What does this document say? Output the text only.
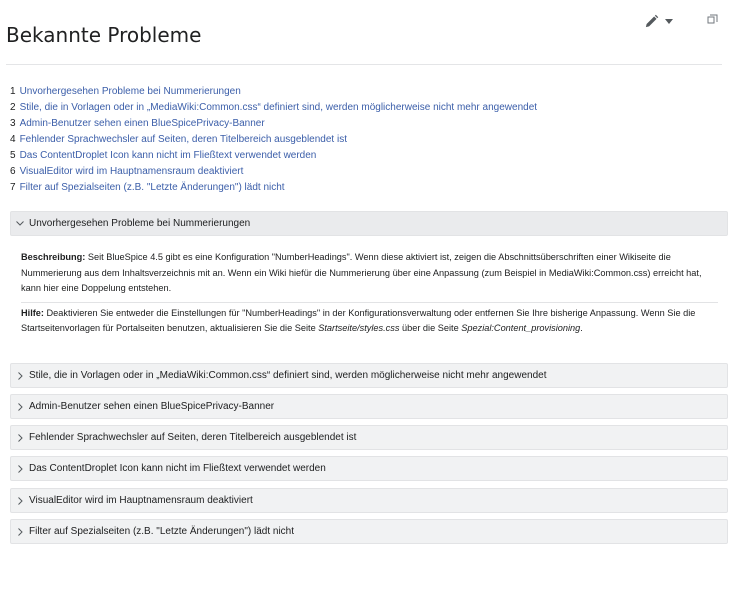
Bekannte Probleme
1 Unvorhergesehen Probleme bei Nummerierungen
2 Stile, die in Vorlagen oder in „MediaWiki:Common.css“ definiert sind, werden möglicherweise nicht mehr angewendet
3 Admin-Benutzer sehen einen BlueSpicePrivacy-Banner
4 Fehlender Sprachwechsler auf Seiten, deren Titelbereich ausgeblendet ist
5 Das ContentDroplet Icon kann nicht im Fließtext verwendet werden
6 VisualEditor wird im Hauptnamensraum deaktiviert
7 Filter auf Spezialseiten (z.B. "Letzte Änderungen") lädt nicht
Unvorhergesehen Probleme bei Nummerierungen

Beschreibung: Seit BlueSpice 4.5 gibt es eine Konfiguration "NumberHeadings". Wenn diese aktiviert ist, zeigen die Abschnittsüberschriften einer Wikiseite die Nummerierung aus dem Inhaltsverzeichnis mit an. Wenn ein Wiki hiefür die Nummerierung über eine Anpassung (zum Beispiel in MediaWiki:Common.css) erreicht hat, kann hier eine Doppelung entstehen.

Hilfe: Deaktivieren Sie entweder die Einstellungen für "NumberHeadings" in der Konfigurationsverwaltung oder entfernen Sie Ihre bisherige Anpassung. Wenn Sie die Startseitenvorlagen für Portalseiten benutzen, aktualisieren Sie die Seite Startseite/styles.css über die Seite Spezial:Content_provisioning.

Stile, die in Vorlagen oder in „MediaWiki:Common.css“ definiert sind, werden möglicherweise nicht mehr angewendet
Admin-Benutzer sehen einen BlueSpicePrivacy-Banner
Fehlender Sprachwechsler auf Seiten, deren Titelbereich ausgeblendet ist
Das ContentDroplet Icon kann nicht im Fließtext verwendet werden
VisualEditor wird im Hauptnamensraum deaktiviert
Filter auf Spezialseiten (z.B. "Letzte Änderungen") lädt nicht
